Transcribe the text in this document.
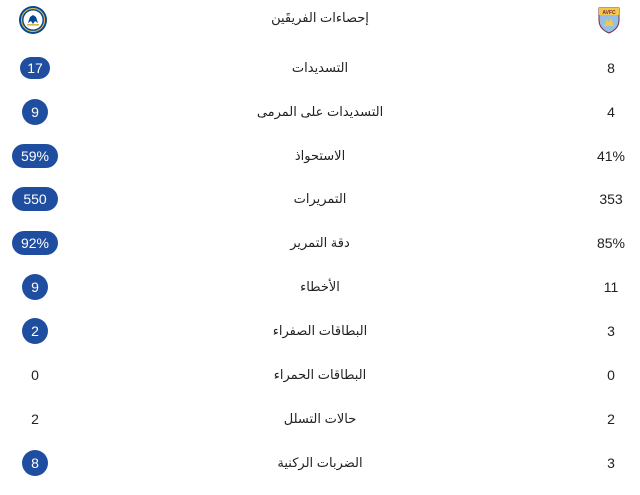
إحصاءات الفريقَين	AVFC
17	التسديدات	8
9	التسديدات على المرمى	4
59%	الاستحواذ	41%
550	التمريرات	353
92%	دقة التمرير	85%
9	الأخطاء	11
2	البطاقات الصفراء	3
0	البطاقات الحمراء	0
2	حالات التسلل	2
8	الضربات الركنية	3
